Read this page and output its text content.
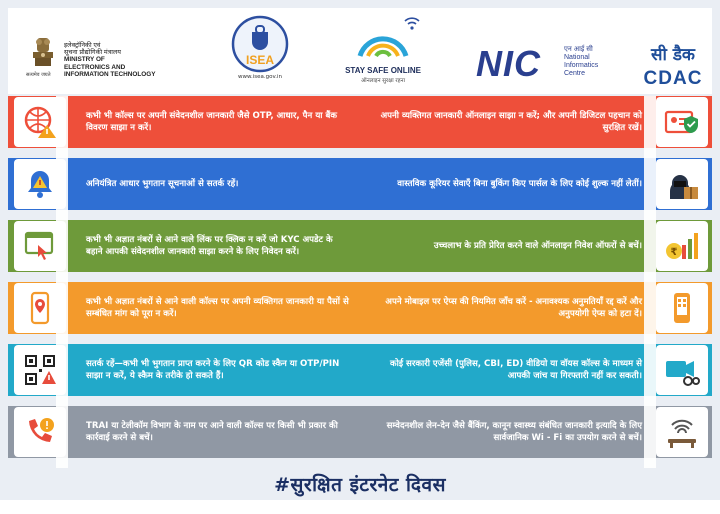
इलेक्ट्रॉनिकी एवं
सूचना प्रौद्योगिकी मंत्रालय
MINISTRY OF
ELECTRONICS AND
INFORMATION TECHNOLOGY
सत्यमेव जयते
ISEA
www.isea.gov.in
STAY SAFE ONLINE
ऑनलाइन सुरक्षा रहना	NIC	एन आई सी
National
Informatics
Centre
सी डैक
CDAC
कभी भी कॉल्स पर अपनी संवेदनशील जानकारी जैसे OTP, आधार, पैन या बैंक विवरण साझा न करें।
अपनी व्यक्तिगत जानकारी ऑनलाइन साझा न करें; और अपनी डिजिटल पहचान को सुरक्षित रखें।
अनियंत्रित आधार भुगतान सूचनाओं से सतर्क रहें।	वास्तविक कूरियर सेवाएँ बिना बुकिंग किए पार्सल के लिए कोई शुल्क नहीं लेतीं।
कभी भी अज्ञात नंबरों से आने वाले लिंक पर क्लिक न करें जो KYC अपडेट के बहाने आपकी संवेदनशील जानकारी साझा करने के लिए निवेदन करें।
उच्चलाभ के प्रति प्रेरित करने वाले ऑनलाइन निवेश ऑफरों से बचें।
₹
कभी भी अज्ञात नंबरों से आने वाली कॉल्स पर अपनी व्यक्तिगत जानकारी या पैसों से सम्बंधित मांग को पूरा न करें।
अपने मोबाइल पर ऐप्स की नियमित जाँच करें - अनावश्यक अनुमतियाँ रद्द करें और अनुपयोगी ऐप्स को हटा दें।
सतर्क रहें—कभी भी भुगतान प्राप्त करने के लिए QR कोड स्कैन या OTP/PIN साझा न करें, ये स्कैम के तरीके हो सकते हैं।
कोई सरकारी एजेंसी (पुलिस, CBI, ED) वीडियो या वॉयस कॉल्स के माध्यम से आपकी जांच या गिरफ्तारी नहीं कर सकती।
TRAI या टेलीकॉम विभाग के नाम पर आने वाली कॉल्स पर किसी भी प्रकार की कार्रवाई करने से बचें।
सम्वेदनशील लेन-देन जैसे बैंकिंग, कानून स्वास्थ्य संबंधित जानकारी इत्यादि के लिए सार्वजानिक Wi - Fi का उपयोग करने से बचें।
#सुरक्षित इंटरनेट दिवस
